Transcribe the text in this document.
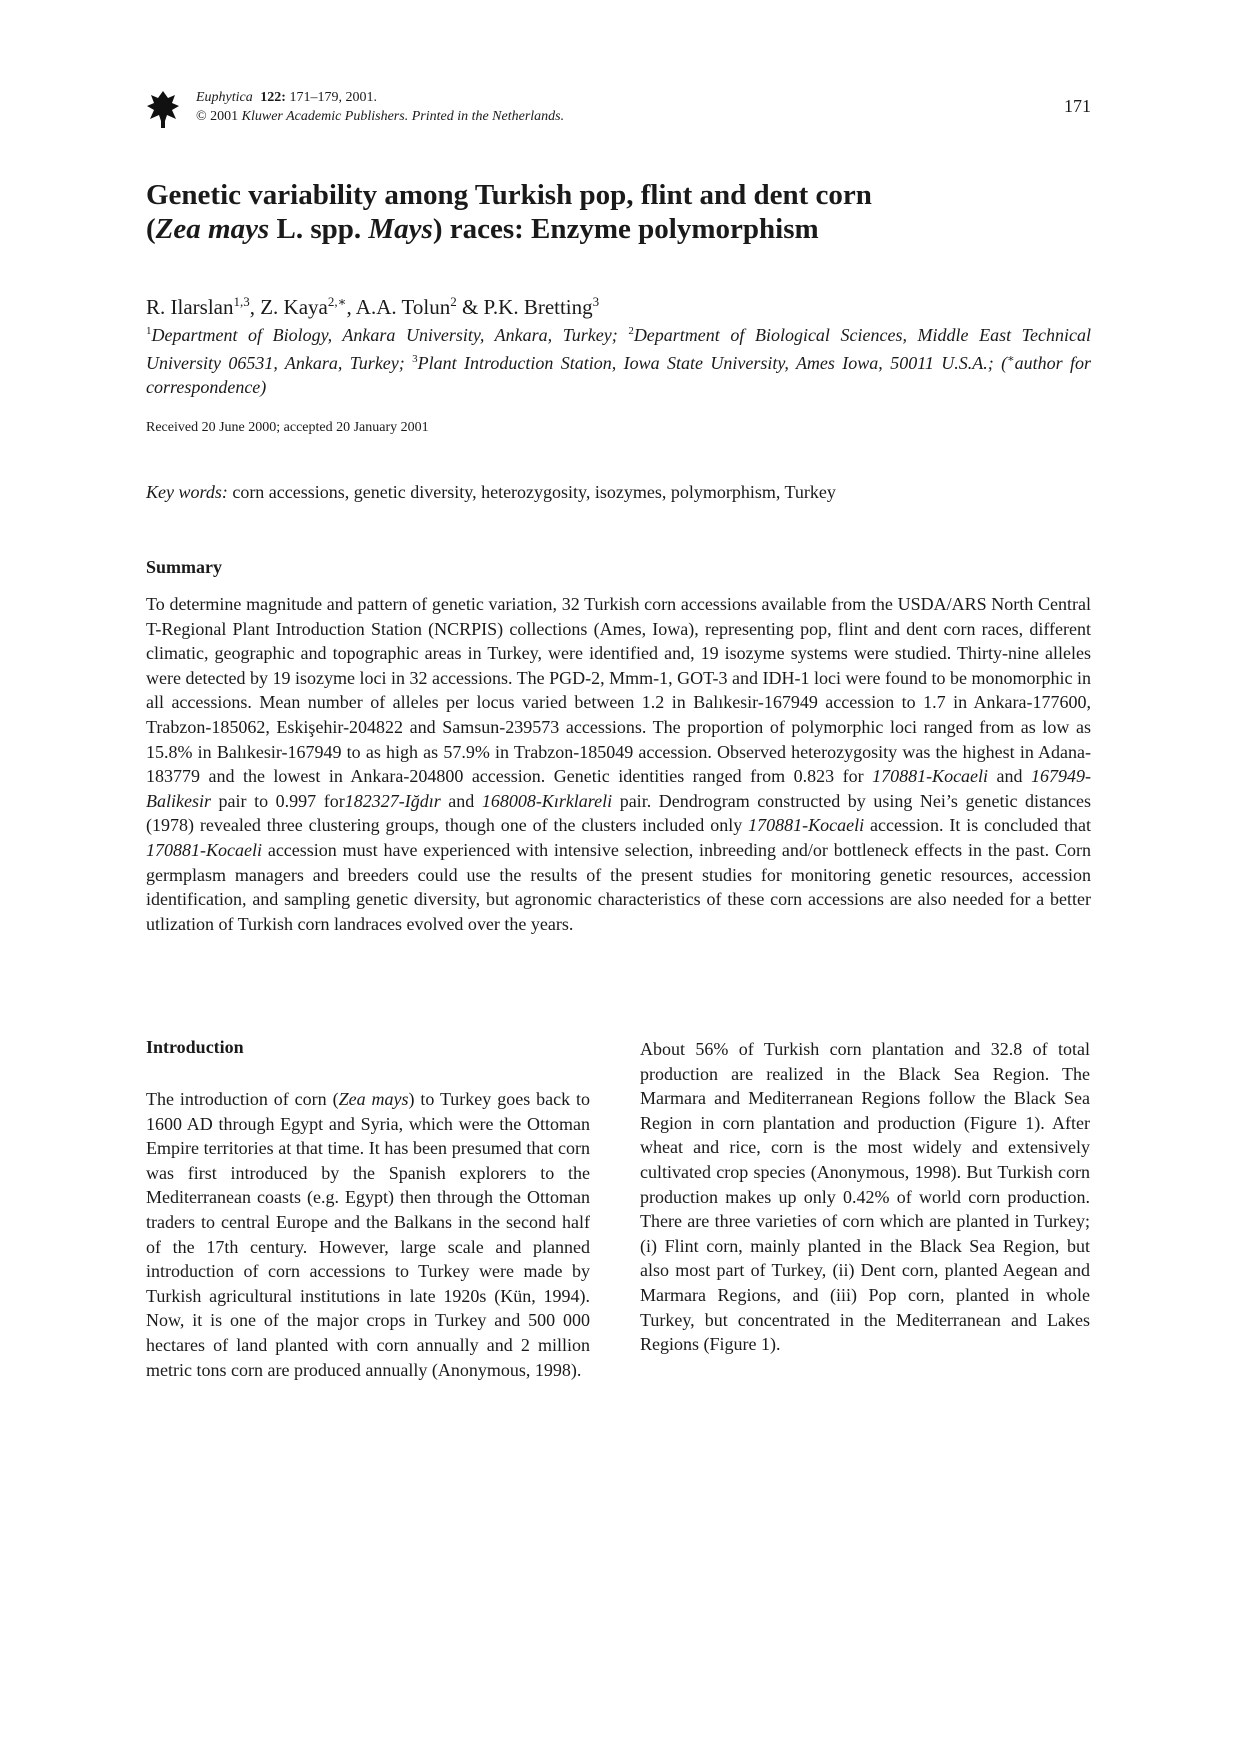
Euphytica 122: 171–179, 2001.
© 2001 Kluwer Academic Publishers. Printed in the Netherlands.
171
Genetic variability among Turkish pop, flint and dent corn
(Zea mays L. spp. Mays) races: Enzyme polymorphism
R. Ilarslan$^{1,3}$, Z. Kaya$^{2,∗}$, A.A. Tolun$^2$ & P.K. Bretting$^3$
$^1$Department of Biology, Ankara University, Ankara, Turkey; $^2$Department of Biological Sciences, Middle East Technical University 06531, Ankara, Turkey; $^3$Plant Introduction Station, Iowa State University, Ames Iowa, 50011 U.S.A.; (∗author for correspondence)
Received 20 June 2000; accepted 20 January 2001
Key words: corn accessions, genetic diversity, heterozygosity, isozymes, polymorphism, Turkey
Summary
To determine magnitude and pattern of genetic variation, 32 Turkish corn accessions available from the USDA/ARS North Central T-Regional Plant Introduction Station (NCRPIS) collections (Ames, Iowa), representing pop, flint and dent corn races, different climatic, geographic and topographic areas in Turkey, were identified and, 19 isozyme systems were studied. Thirty-nine alleles were detected by 19 isozyme loci in 32 accessions. The PGD-2, Mmm-1, GOT-3 and IDH-1 loci were found to be monomorphic in all accessions. Mean number of alleles per locus varied between 1.2 in Balıkesir-167949 accession to 1.7 in Ankara-177600, Trabzon-185062, Eskişehir-204822 and Samsun-239573 accessions. The proportion of polymorphic loci ranged from as low as 15.8% in Balıkesir-167949 to as high as 57.9% in Trabzon-185049 accession. Observed heterozygosity was the highest in Adana-183779 and the lowest in Ankara-204800 accession. Genetic identities ranged from 0.823 for 170881-Kocaeli and 167949-Balikesir pair to 0.997 for182327-Iğdır and 168008-Kırklareli pair. Dendrogram constructed by using Nei’s genetic distances (1978) revealed three clustering groups, though one of the clusters included only 170881-Kocaeli accession. It is concluded that 170881-Kocaeli accession must have experienced with intensive selection, inbreeding and/or bottleneck effects in the past. Corn germplasm managers and breeders could use the results of the present studies for monitoring genetic resources, accession identification, and sampling genetic diversity, but agronomic characteristics of these corn accessions are also needed for a better utlization of Turkish corn landraces evolved over the years.
Introduction
The introduction of corn (Zea mays) to Turkey goes back to 1600 AD through Egypt and Syria, which were the Ottoman Empire territories at that time. It has been presumed that corn was first introduced by the Spanish explorers to the Mediterranean coasts (e.g. Egypt) then through the Ottoman traders to central Europe and the Balkans in the second half of the 17th century. However, large scale and planned introduction of corn accessions to Turkey were made by Turkish agricultural institutions in late 1920s (Kün, 1994). Now, it is one of the major crops in Turkey and 500 000 hectares of land planted with corn annually and 2 million metric tons corn are produced annually (Anonymous, 1998).
About 56% of Turkish corn plantation and 32.8 of total production are realized in the Black Sea Region. The Marmara and Mediterranean Regions follow the Black Sea Region in corn plantation and production (Figure 1). After wheat and rice, corn is the most widely and extensively cultivated crop species (Anonymous, 1998). But Turkish corn production makes up only 0.42% of world corn production. There are three varieties of corn which are planted in Turkey; (i) Flint corn, mainly planted in the Black Sea Region, but also most part of Turkey, (ii) Dent corn, planted Aegean and Marmara Regions, and (iii) Pop corn, planted in whole Turkey, but concentrated in the Mediterranean and Lakes Regions (Figure 1).
